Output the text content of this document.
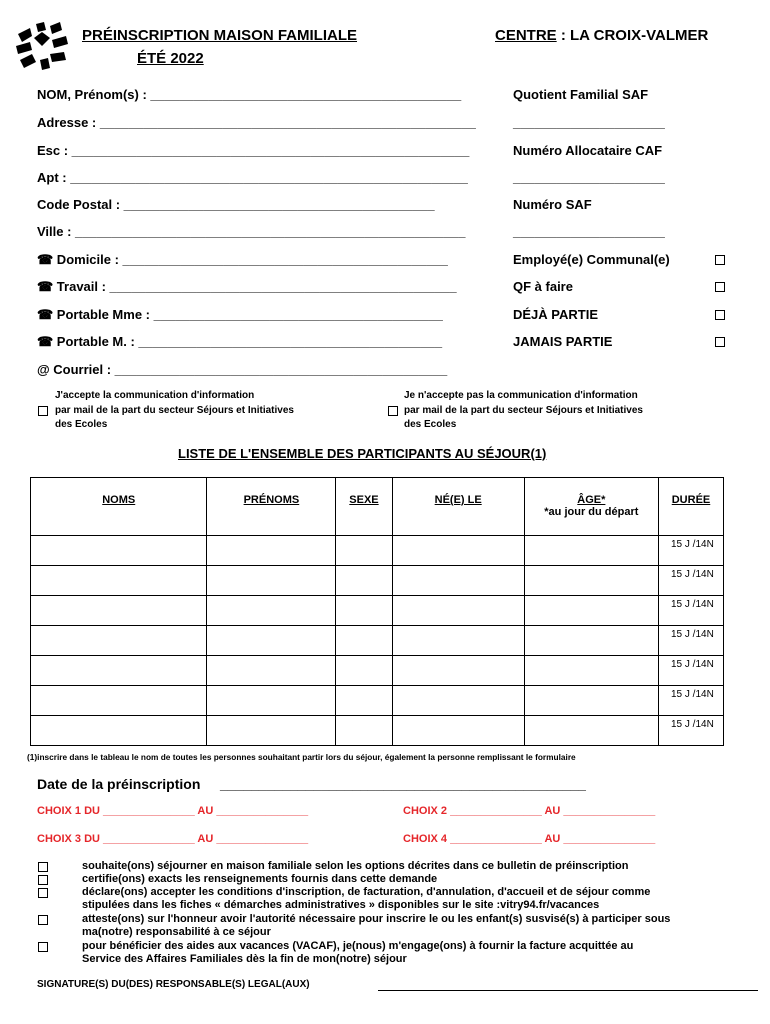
PRÉINSCRIPTION MAISON FAMILIALE
ÉTÉ 2022
CENTRE : LA CROIX-VALMER
NOM, Prénom(s) : ___________________________________________
Adresse : ____________________________________________________
Esc : _______________________________________________________
Apt : _______________________________________________________
Code Postal : ___________________________________________
Ville : ______________________________________________________
☎ Domicile : _____________________________________________
☎ Travail : ________________________________________________
☎ Portable Mme : ________________________________________
☎ Portable M. : __________________________________________
@ Courriel : ______________________________________________
Quotient Familial SAF
_____________________
Numéro Allocataire CAF
_____________________
Numéro SAF
_____________________
Employé(e) Communal(e)
QF à faire
DÉJÀ PARTIE
JAMAIS PARTIE
J'accepte la communication d'information
par mail de la part du secteur Séjours et Initiatives
des Ecoles
Je n'accepte pas la communication d'information
par mail de la part du secteur Séjours et Initiatives
des Ecoles
LISTE DE L'ENSEMBLE DES PARTICIPANTS AU SÉJOUR(1)
NOMS	PRÉNOMS	SEXE	NÉ(E) LE	ÂGE*
*au jour du départ	DURÉE
					15 J /14N
					15 J /14N
					15 J /14N
					15 J /14N
					15 J /14N
					15 J /14N
					15 J /14N
(1)inscrire dans le tableau le nom de toutes les personnes souhaitant partir lors du séjour, également la personne remplissant le formulaire
Date de la préinscription _______________________________________________
CHOIX 1 DU _______________ AU _______________	CHOIX 2 _______________ AU _______________
CHOIX 3 DU _______________ AU _______________	CHOIX 4 _______________ AU _______________
souhaite(ons) séjourner en maison familiale selon les options décrites dans ce bulletin de préinscription
certifie(ons) exacts les renseignements fournis dans cette demande
déclare(ons) accepter les conditions d'inscription, de facturation, d'annulation, d'accueil et de séjour comme
stipulées dans les fiches « démarches administratives » disponibles sur le site :vitry94.fr/vacances
atteste(ons) sur l'honneur avoir l'autorité nécessaire pour inscrire le ou les enfant(s) susvisé(s) à participer sous
ma(notre) responsabilité à ce séjour
pour bénéficier des aides aux vacances (VACAF), je(nous) m'engage(ons) à fournir la facture acquittée au
Service des Affaires Familiales dès la fin de mon(notre) séjour
SIGNATURE(S) DU(DES) RESPONSABLE(S) LEGAL(AUX)
